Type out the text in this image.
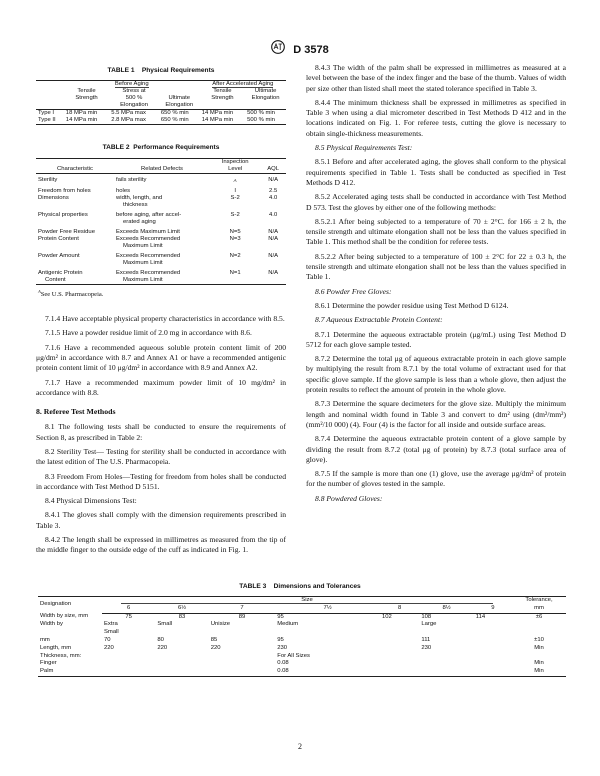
D 3578
TABLE 1 Physical Requirements
	Before Aging			After Accelerated Aging	
	Tensile	Stress at		Tensile	Ultimate
	Strength	500 %	Ultimate	Strength	Elongation
		Elongation	Elongation		
Type I	18 MPa min	5.5 MPa max	650 % min	14 MPa min	500 % min
Type II	14 MPa min	2.8 MPa max	650 % min	14 MPa min	500 % min
TABLE 2 Performance Requirements
		Inspection	
Characteristic	Related Defects	Level	AQL

Sterility	fails sterility	$^A$	N/A
Freedom from holes	holes	I	2.5
Dimensions	width, length, and	S-2	4.0
	thickness		
Physical properties	before aging, after accel-	S-2	4.0
	erated aging		
Powder Free Residue	Exceeds Maximum Limit	N=5	N/A
Protein Content	Exceeds Recommended	N=3	N/A
	Maximum Limit		
Powder Amount	Exceeds Recommended	N=2	N/A
	Maximum Limit		
Antigenic Protein	Exceeds Recommended	N=1	N/A
Content	Maximum Limit		

$^A$See U.S. Pharmacopeia.

7.1.4 Have acceptable physical property characteristics in accordance with 8.5.

7.1.5 Have a powder residue limit of 2.0 mg in accordance with 8.6.

7.1.6 Have a recommended aqueous soluble protein content limit of 200 μg/dm² in accordance with 8.7 and Annex A1 or have a recommended antigenic protein content limit of 10 μg/dm² in accordance with 8.9 and Annex A2.

7.1.7 Have a recommended maximum powder limit of 10 mg/dm² in accordance with 8.8.

8. Referee Test Methods

8.1 The following tests shall be conducted to ensure the requirements of Section 8, as prescribed in Table 2:

8.2 Sterility Test— Testing for sterility shall be conducted in accordance with the latest edition of The U.S. Pharmacopeia.

8.3 Freedom From Holes—Testing for freedom from holes shall be conducted in accordance with Test Method D 5151.

8.4 Physical Dimensions Test:

8.4.1 The gloves shall comply with the dimension requirements prescribed in Table 3.

8.4.2 The length shall be expressed in millimetres as measured from the tip of the middle finger to the outside edge of the cuff as indicated in Fig. 1.

8.4.3 The width of the palm shall be expressed in millimetres as measured at a level between the base of the index finger and the base of the thumb. Values of width per size other than listed shall meet the stated tolerance specified in Table 3.

8.4.4 The minimum thickness shall be expressed in millimetres as specified in Table 3 when using a dial micrometer described in Test Methods D 412 and in the locations indicated on Fig. 1. For referee tests, cutting the glove is necessary to obtain single-thickness measurements.

8.5 Physical Requirements Test:

8.5.1 Before and after accelerated aging, the gloves shall conform to the physical requirements specified in Table 1. Tests shall be conducted as specified in Test Methods D 412.

8.5.2 Accelerated aging tests shall be conducted in accordance with Test Method D 573. Test the gloves by either one of the following methods:

8.5.2.1 After being subjected to a temperature of 70 ± 2°C. for 166 ± 2 h, the tensile strength and ultimate elongation shall not be less than the values specified in Table 1. This method shall be the condition for referee tests.

8.5.2.2 After being subjected to a temperature of 100 ± 2°C for 22 ± 0.3 h, the tensile strength and ultimate elongation shall not be less than the values specified in Table 1.

8.6 Powder Free Gloves:

8.6.1 Determine the powder residue using Test Method D 6124.

8.7 Aqueous Extractable Protein Content:

8.7.1 Determine the aqueous extractable protein (μg/mL) using Test Method D 5712 for each glove sample tested.

8.7.2 Determine the total μg of aqueous extractable protein in each glove sample by multiplying the result from 8.7.1 by the total volume of extractant used for that specific glove sample. If the glove sample is less than a whole glove, then adjust the protein results to reflect the amount of protein in the whole glove.

8.7.3 Determine the square decimeters for the glove size. Multiply the minimum length and nominal width found in Table 3 and convert to dm² using (dm²/mm²) (mm²/10 000) (4). Four (4) is the factor for all inside and outside surface areas.

8.7.4 Determine the aqueous extractable protein content of a glove sample by dividing the result from 8.7.2 (total μg of protein) by 8.7.3 (total surface area of glove).

8.7.5 If the sample is more than one (1) glove, use the average μg/dm² of protein for the number of gloves tested in the sample.

8.8 Powdered Gloves:

TABLE 3 Dimensions and Tolerances
Designation	Size							Tolerance,
	6	6½	7	7½	8	8½	9	mm
Width by size, mm	75	83	89	95	102	108	114	±6
Width by	Extra	Small	Unisize	Medium		Large		
	Small							
mm	70	80	85	95		111		±10
Length, mm	220	220	220	230		230		Min
Thickness, mm:				For All Sizes				
Finger				0.08				Min
Palm				0.08				Min
2
